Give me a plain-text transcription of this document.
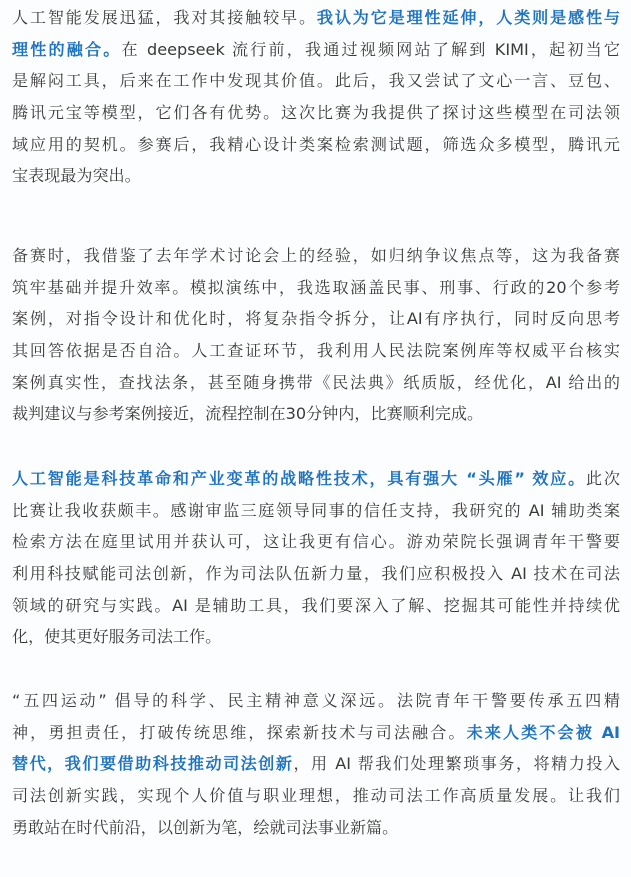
人工智能发展迅猛，我对其接触较早。我认为它是理性延伸，人类则是感性与
理性的融合。在 deepseek 流行前，我通过视频网站了解到 KIMI，起初当它
是解闷工具，后来在工作中发现其价值。此后，我又尝试了文心一言、豆包、
腾讯元宝等模型，它们各有优势。这次比赛为我提供了探讨这些模型在司法领
域应用的契机。参赛后，我精心设计类案检索测试题，筛选众多模型，腾讯元
宝表现最为突出。

备赛时，我借鉴了去年学术讨论会上的经验，如归纳争议焦点等，这为我备赛
筑牢基础并提升效率。模拟演练中，我选取涵盖民事、刑事、行政的20个参考
案例，对指令设计和优化时，将复杂指令拆分，让AI有序执行，同时反向思考
其回答依据是否自洽。人工查证环节，我利用人民法院案例库等权威平台核实
案例真实性，查找法条，甚至随身携带《民法典》纸质版，经优化，AI 给出的
裁判建议与参考案例接近，流程控制在30分钟内，比赛顺利完成。

人工智能是科技革命和产业变革的战略性技术，具有强大 “头雁” 效应。此次
比赛让我收获颇丰。感谢审监三庭领导同事的信任支持，我研究的 AI 辅助类案
检索方法在庭里试用并获认可，这让我更有信心。游劝荣院长强调青年干警要
利用科技赋能司法创新，作为司法队伍新力量，我们应积极投入 AI 技术在司法
领域的研究与实践。AI 是辅助工具，我们要深入了解、挖掘其可能性并持续优
化，使其更好服务司法工作。

“五四运动” 倡导的科学、民主精神意义深远。法院青年干警要传承五四精
神，勇担责任，打破传统思维，探索新技术与司法融合。未来人类不会被 AI
替代，我们要借助科技推动司法创新，用 AI 帮我们处理繁琐事务，将精力投入
司法创新实践，实现个人价值与职业理想，推动司法工作高质量发展。让我们
勇敢站在时代前沿，以创新为笔，绘就司法事业新篇。
